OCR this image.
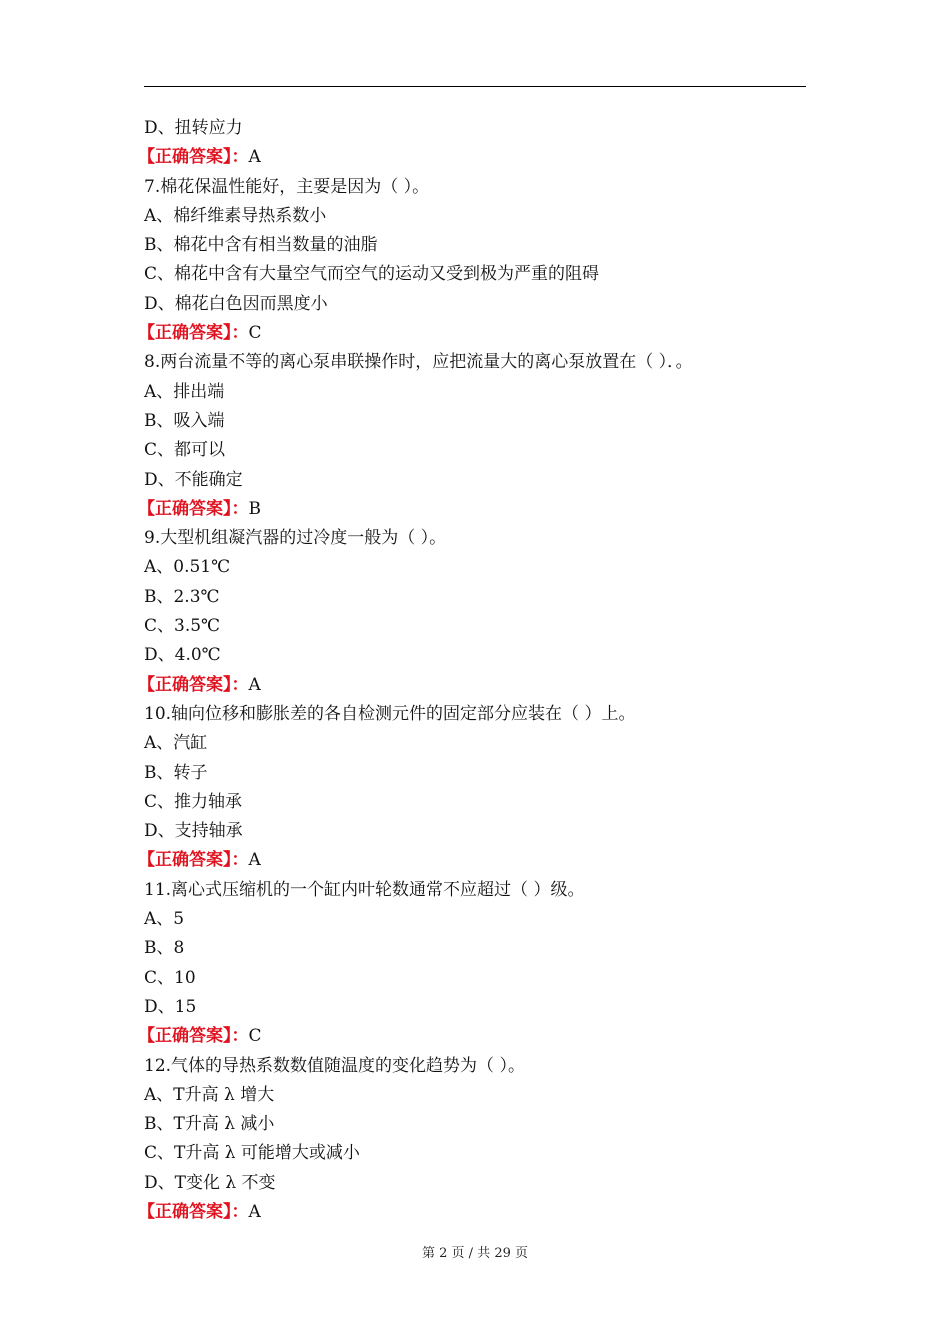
D、扭转应力
【正确答案】：A
7.棉花保温性能好，主要是因为（ ）。
A、棉纤维素导热系数小
B、棉花中含有相当数量的油脂
C、棉花中含有大量空气而空气的运动又受到极为严重的阻碍
D、棉花白色因而黑度小
【正确答案】：C
8.两台流量不等的离心泵串联操作时，应把流量大的离心泵放置在（ ）．。
A、排出端
B、吸入端
C、都可以
D、不能确定
【正确答案】：B
9.大型机组凝汽器的过冷度一般为（ ）。
A、0.51℃
B、2.3℃
C、3.5℃
D、4.0℃
【正确答案】：A
10.轴向位移和膨胀差的各自检测元件的固定部分应装在（ ）上。
A、汽缸
B、转子
C、推力轴承
D、支持轴承
【正确答案】：A
11.离心式压缩机的一个缸内叶轮数通常不应超过（ ）级。
A、5
B、8
C、10
D、15
【正确答案】：C
12.气体的导热系数数值随温度的变化趋势为（ ）。
A、T升高 λ 增大
B、T升高 λ 减小
C、T升高 λ 可能增大或减小
D、T变化 λ 不变
【正确答案】：A
第 2 页 / 共 29 页
